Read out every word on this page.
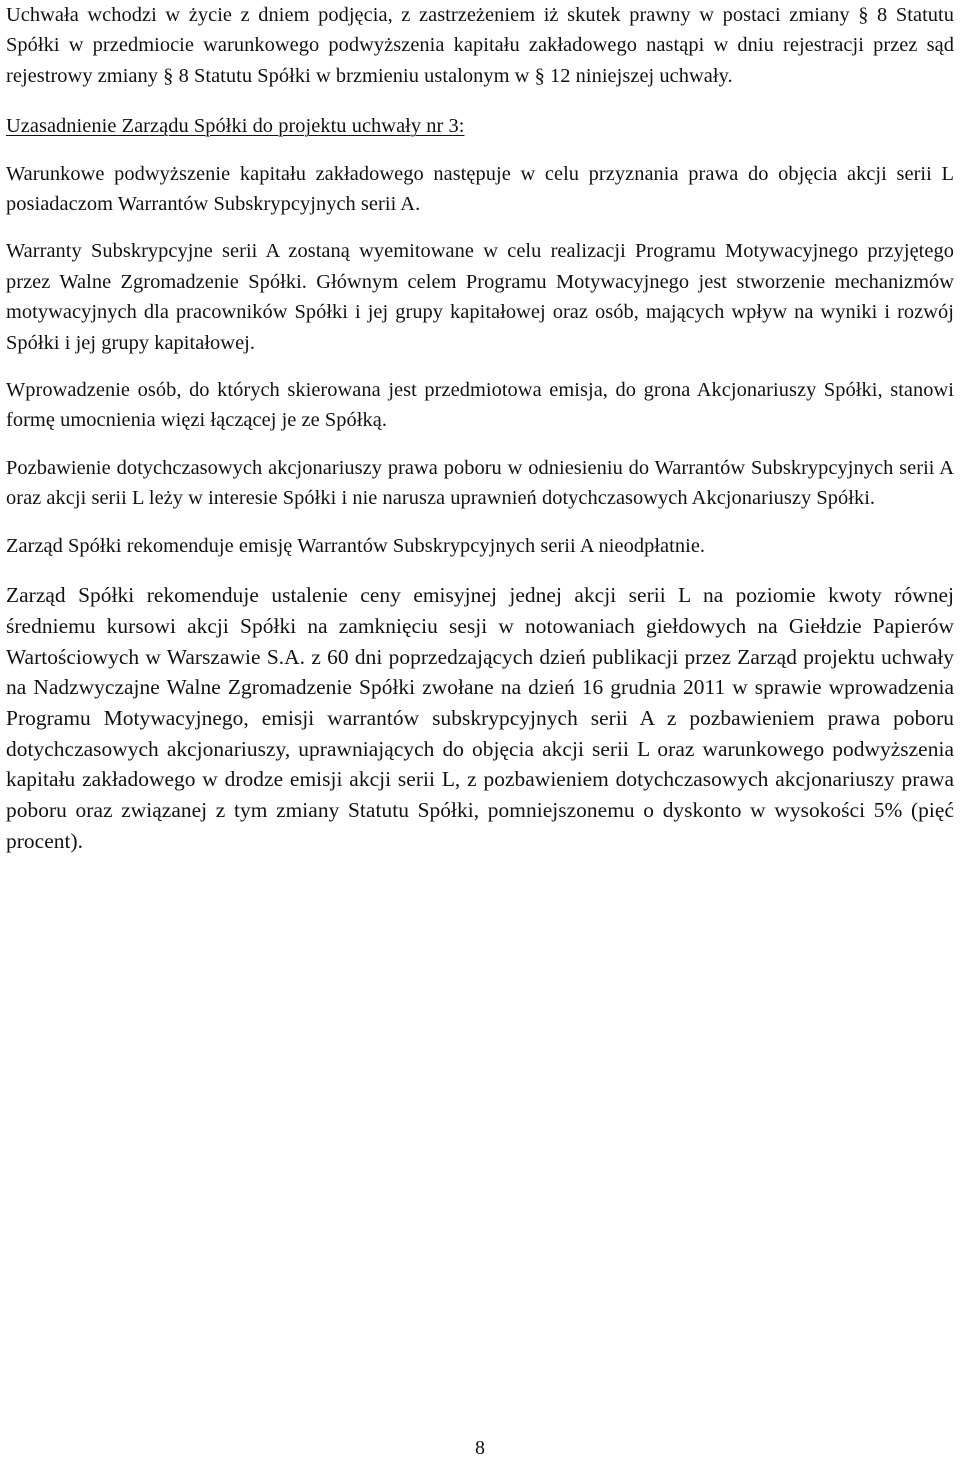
Uchwała wchodzi w życie z dniem podjęcia, z zastrzeżeniem iż skutek prawny w postaci zmiany § 8 Statutu Spółki w przedmiocie warunkowego podwyższenia kapitału zakładowego nastąpi w dniu rejestracji przez sąd rejestrowy zmiany § 8 Statutu Spółki w brzmieniu ustalonym w § 12 niniejszej uchwały.

Uzasadnienie Zarządu Spółki do projektu uchwały nr 3:

Warunkowe podwyższenie kapitału zakładowego następuje w celu przyznania prawa do objęcia akcji serii L posiadaczom Warrantów Subskrypcyjnych serii A.

Warranty Subskrypcyjne serii A zostaną wyemitowane w celu realizacji Programu Motywacyjnego przyjętego przez Walne Zgromadzenie Spółki. Głównym celem Programu Motywacyjnego jest stworzenie mechanizmów motywacyjnych dla pracowników Spółki i jej grupy kapitałowej oraz osób, mających wpływ na wyniki i rozwój Spółki i jej grupy kapitałowej.

Wprowadzenie osób, do których skierowana jest przedmiotowa emisja, do grona Akcjonariuszy Spółki, stanowi formę umocnienia więzi łączącej je ze Spółką.

Pozbawienie dotychczasowych akcjonariuszy prawa poboru w odniesieniu do Warrantów Subskrypcyjnych serii A oraz akcji serii L leży w interesie Spółki i nie narusza uprawnień dotychczasowych Akcjonariuszy Spółki.

Zarząd Spółki rekomenduje emisję Warrantów Subskrypcyjnych serii A nieodpłatnie.

Zarząd Spółki rekomenduje ustalenie ceny emisyjnej jednej akcji serii L na poziomie kwoty równej średniemu kursowi akcji Spółki na zamknięciu sesji w notowaniach giełdowych na Giełdzie Papierów Wartościowych w Warszawie S.A. z 60 dni poprzedzających dzień publikacji przez Zarząd projektu uchwały na Nadzwyczajne Walne Zgromadzenie Spółki zwołane na dzień 16 grudnia 2011 w sprawie wprowadzenia Programu Motywacyjnego, emisji warrantów subskrypcyjnych serii A z pozbawieniem prawa poboru dotychczasowych akcjonariuszy, uprawniających do objęcia akcji serii L oraz warunkowego podwyższenia kapitału zakładowego w drodze emisji akcji serii L, z pozbawieniem dotychczasowych akcjonariuszy prawa poboru oraz związanej z tym zmiany Statutu Spółki, pomniejszonemu o dyskonto w wysokości 5% (pięć procent).

8
